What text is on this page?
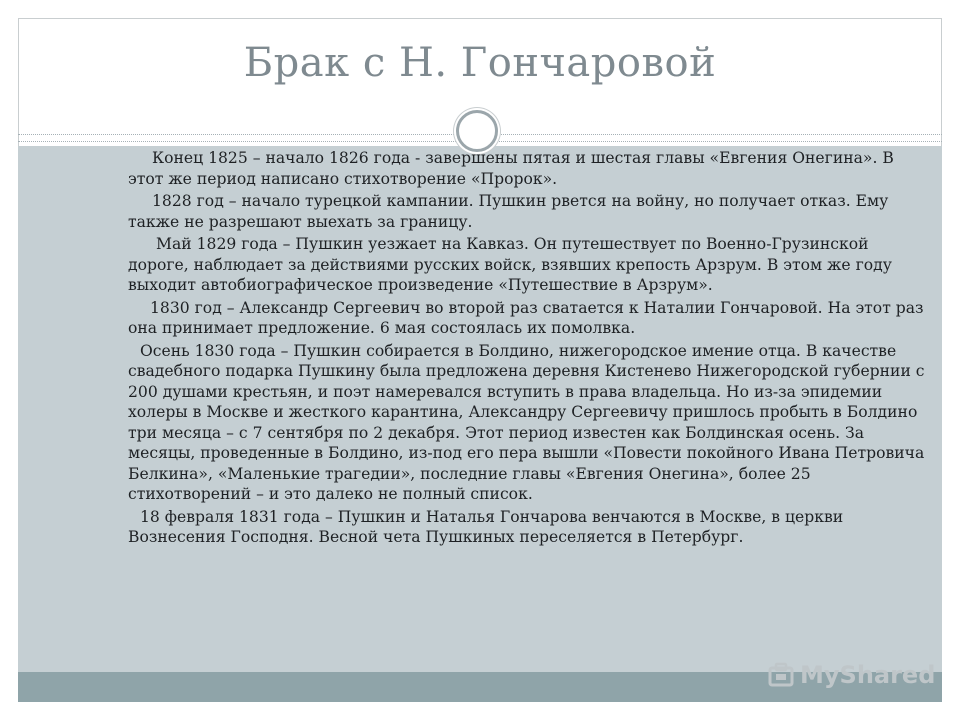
Брак с Н. Гончаровой

Конец 1825 – начало 1826 года - завершены пятая и шестая главы «Евгения Онегина». В этот же период написано стихотворение «Пророк».

1828 год – начало турецкой кампании. Пушкин рвется на войну, но получает отказ. Ему также не разрешают выехать за границу.

Май 1829 года – Пушкин уезжает на Кавказ. Он путешествует по Военно-Грузинской дороге, наблюдает за действиями русских войск, взявших крепость Арзрум. В этом же году выходит автобиографическое произведение «Путешествие в Арзрум».

1830 год – Александр Сергеевич во второй раз сватается к Наталии Гончаровой. На этот раз она принимает предложение. 6 мая состоялась их помолвка.

Осень 1830 года – Пушкин собирается в Болдино, нижегородское имение отца. В качестве свадебного подарка Пушкину была предложена деревня Кистенево Нижегородской губернии с 200 душами крестьян, и поэт намеревался вступить в права владельца. Но из-за эпидемии холеры в Москве и жесткого карантина, Александру Сергеевичу пришлось пробыть в Болдино три месяца – с 7 сентября по 2 декабря. Этот период известен как Болдинская осень. За месяцы, проведенные в Болдино, из-под его пера вышли «Повести покойного Ивана Петровича Белкина», «Маленькие трагедии», последние главы «Евгения Онегина», более 25 стихотворений – и это далеко не полный список.

18 февраля 1831 года – Пушкин и Наталья Гончарова венчаются в Москве, в церкви Вознесения Господня. Весной чета Пушкиных переселяется в Петербург.

MyShared
